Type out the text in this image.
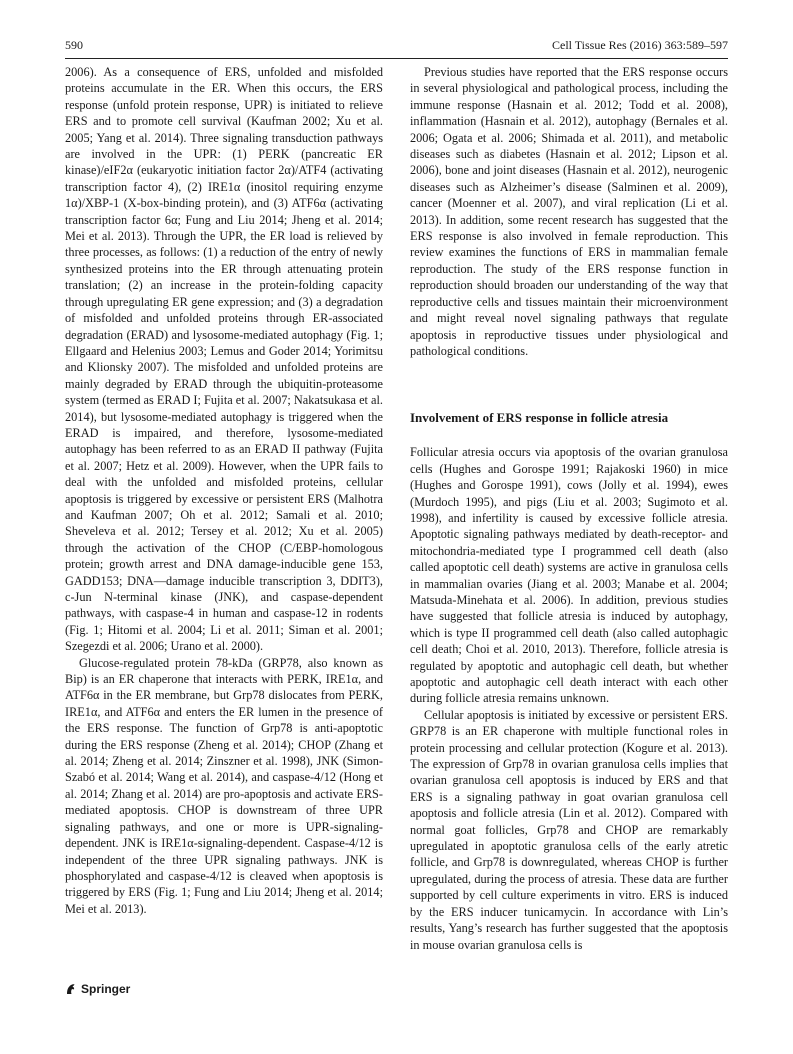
590	Cell Tissue Res (2016) 363:589–597

2006). As a consequence of ERS, unfolded and misfolded proteins accumulate in the ER. When this occurs, the ERS response (unfold protein response, UPR) is initiated to relieve ERS and to promote cell survival (Kaufman 2002; Xu et al. 2005; Yang et al. 2014). Three signaling transduction pathways are involved in the UPR: (1) PERK (pancreatic ER kinase)/eIF2α (eukaryotic initiation factor 2α)/ATF4 (activating transcription factor 4), (2) IRE1α (inositol requiring enzyme 1α)/XBP-1 (X-box-binding protein), and (3) ATF6α (activating transcription factor 6α; Fung and Liu 2014; Jheng et al. 2014; Mei et al. 2013). Through the UPR, the ER load is relieved by three processes, as follows: (1) a reduction of the entry of newly synthesized proteins into the ER through attenuating protein translation; (2) an increase in the protein-folding capacity through upregulating ER gene expression; and (3) a degradation of misfolded and unfolded proteins through ER-associated degradation (ERAD) and lysosome-mediated autophagy (Fig. 1; Ellgaard and Helenius 2003; Lemus and Goder 2014; Yorimitsu and Klionsky 2007). The misfolded and unfolded proteins are mainly degraded by ERAD through the ubiquitin-proteasome system (termed as ERAD I; Fujita et al. 2007; Nakatsukasa et al. 2014), but lysosome-mediated autophagy is triggered when the ERAD is impaired, and therefore, lysosome-mediated autophagy has been referred to as an ERAD II pathway (Fujita et al. 2007; Hetz et al. 2009). However, when the UPR fails to deal with the unfolded and misfolded proteins, cellular apoptosis is triggered by excessive or persistent ERS (Malhotra and Kaufman 2007; Oh et al. 2012; Samali et al. 2010; Sheveleva et al. 2012; Tersey et al. 2012; Xu et al. 2005) through the activation of the CHOP (C/EBP-homologous protein; growth arrest and DNA damage-inducible gene 153, GADD153; DNA—damage inducible transcription 3, DDIT3), c-Jun N-terminal kinase (JNK), and caspase-dependent pathways, with caspase-4 in human and caspase-12 in rodents (Fig. 1; Hitomi et al. 2004; Li et al. 2011; Siman et al. 2001; Szegezdi et al. 2006; Urano et al. 2000).

Glucose-regulated protein 78-kDa (GRP78, also known as Bip) is an ER chaperone that interacts with PERK, IRE1α, and ATF6α in the ER membrane, but Grp78 dislocates from PERK, IRE1α, and ATF6α and enters the ER lumen in the presence of the ERS response. The function of Grp78 is anti-apoptotic during the ERS response (Zheng et al. 2014); CHOP (Zhang et al. 2014; Zheng et al. 2014; Zinszner et al. 1998), JNK (Simon-Szabó et al. 2014; Wang et al. 2014), and caspase-4/12 (Hong et al. 2014; Zhang et al. 2014) are pro-apoptosis and activate ERS-mediated apoptosis. CHOP is downstream of three UPR signaling pathways, and one or more is UPR-signaling-dependent. JNK is IRE1α-signaling-dependent. Caspase-4/12 is independent of the three UPR signaling pathways. JNK is phosphorylated and caspase-4/12 is cleaved when apoptosis is triggered by ERS (Fig. 1; Fung and Liu 2014; Jheng et al. 2014; Mei et al. 2013).

Previous studies have reported that the ERS response occurs in several physiological and pathological process, including the immune response (Hasnain et al. 2012; Todd et al. 2008), inflammation (Hasnain et al. 2012), autophagy (Bernales et al. 2006; Ogata et al. 2006; Shimada et al. 2011), and metabolic diseases such as diabetes (Hasnain et al. 2012; Lipson et al. 2006), bone and joint diseases (Hasnain et al. 2012), neurogenic diseases such as Alzheimer’s disease (Salminen et al. 2009), cancer (Moenner et al. 2007), and viral replication (Li et al. 2013). In addition, some recent research has suggested that the ERS response is also involved in female reproduction. This review examines the functions of ERS in mammalian female reproduction. The study of the ERS response function in reproduction should broaden our understanding of the way that reproductive cells and tissues maintain their microenvironment and might reveal novel signaling pathways that regulate apoptosis in reproductive tissues under physiological and pathological conditions.

Involvement of ERS response in follicle atresia

Follicular atresia occurs via apoptosis of the ovarian granulosa cells (Hughes and Gorospe 1991; Rajakoski 1960) in mice (Hughes and Gorospe 1991), cows (Jolly et al. 1994), ewes (Murdoch 1995), and pigs (Liu et al. 2003; Sugimoto et al. 1998), and infertility is caused by excessive follicle atresia. Apoptotic signaling pathways mediated by death-receptor- and mitochondria-mediated type I programmed cell death (also called apoptotic cell death) systems are active in granulosa cells in mammalian ovaries (Jiang et al. 2003; Manabe et al. 2004; Matsuda-Minehata et al. 2006). In addition, previous studies have suggested that follicle atresia is induced by autophagy, which is type II programmed cell death (also called autophagic cell death; Choi et al. 2010, 2013). Therefore, follicle atresia is regulated by apoptotic and autophagic cell death, but whether apoptotic and autophagic cell death interact with each other during follicle atresia remains unknown.

Cellular apoptosis is initiated by excessive or persistent ERS. GRP78 is an ER chaperone with multiple functional roles in protein processing and cellular protection (Kogure et al. 2013). The expression of Grp78 in ovarian granulosa cells implies that ovarian granulosa cell apoptosis is induced by ERS and that ERS is a signaling pathway in goat ovarian granulosa cell apoptosis and follicle atresia (Lin et al. 2012). Compared with normal goat follicles, Grp78 and CHOP are remarkably upregulated in apoptotic granulosa cells of the early atretic follicle, and Grp78 is downregulated, whereas CHOP is further upregulated, during the process of atresia. These data are further supported by cell culture experiments in vitro. ERS is induced by the ERS inducer tunicamycin. In accordance with Lin’s results, Yang’s research has further suggested that the apoptosis in mouse ovarian granulosa cells is

Springer
